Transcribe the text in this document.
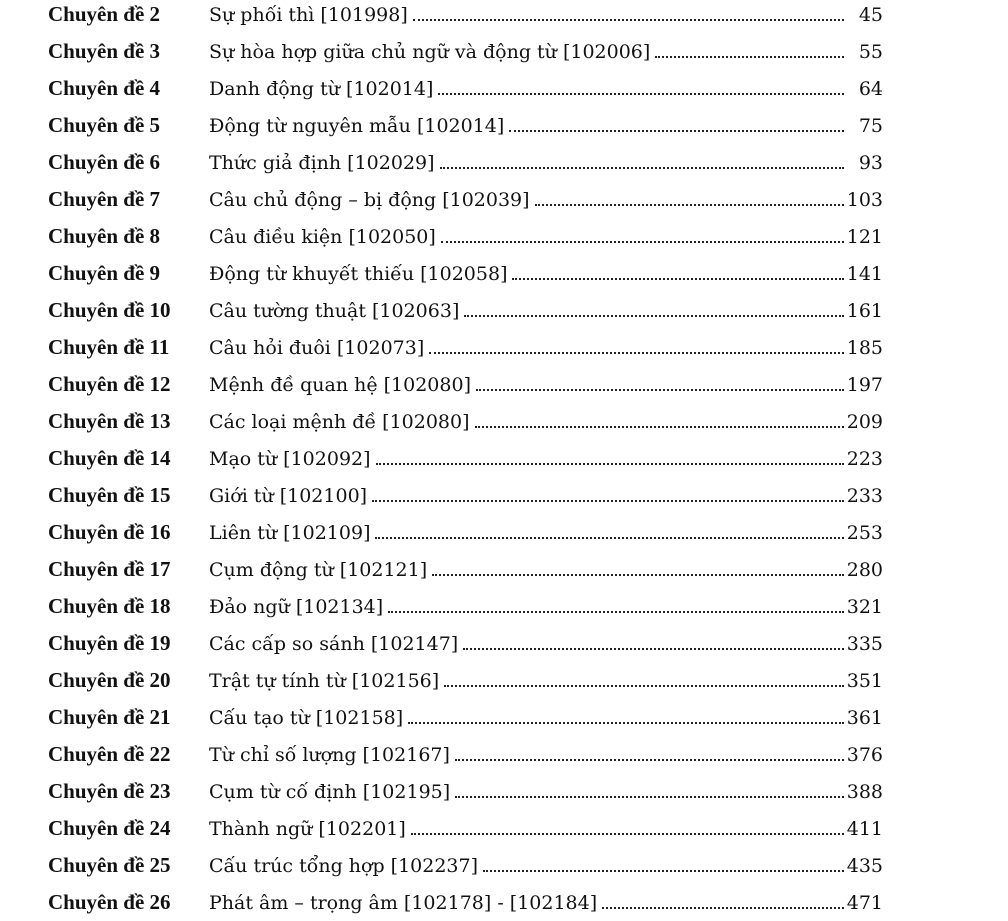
Chuyên đề 2	Sự phối thì [101998]	45
Chuyên đề 3	Sự hòa hợp giữa chủ ngữ và động từ [102006]	55
Chuyên đề 4	Danh động từ [102014]	64
Chuyên đề 5	Động từ nguyên mẫu [102014]	75
Chuyên đề 6	Thức giả định [102029]	93
Chuyên đề 7	Câu chủ động – bị động [102039]	103
Chuyên đề 8	Câu điều kiện [102050]	121
Chuyên đề 9	Động từ khuyết thiếu [102058]	141
Chuyên đề 10	Câu tường thuật [102063]	161
Chuyên đề 11	Câu hỏi đuôi [102073]	185
Chuyên đề 12	Mệnh đề quan hệ [102080]	197
Chuyên đề 13	Các loại mệnh đề [102080]	209
Chuyên đề 14	Mạo từ [102092]	223
Chuyên đề 15	Giới từ [102100]	233
Chuyên đề 16	Liên từ [102109]	253
Chuyên đề 17	Cụm động từ [102121]	280
Chuyên đề 18	Đảo ngữ [102134]	321
Chuyên đề 19	Các cấp so sánh [102147]	335
Chuyên đề 20	Trật tự tính từ [102156]	351
Chuyên đề 21	Cấu tạo từ [102158]	361
Chuyên đề 22	Từ chỉ số lượng [102167]	376
Chuyên đề 23	Cụm từ cố định [102195]	388
Chuyên đề 24	Thành ngữ [102201]	411
Chuyên đề 25	Cấu trúc tổng hợp [102237]	435
Chuyên đề 26	Phát âm – trọng âm [102178] - [102184]	471
